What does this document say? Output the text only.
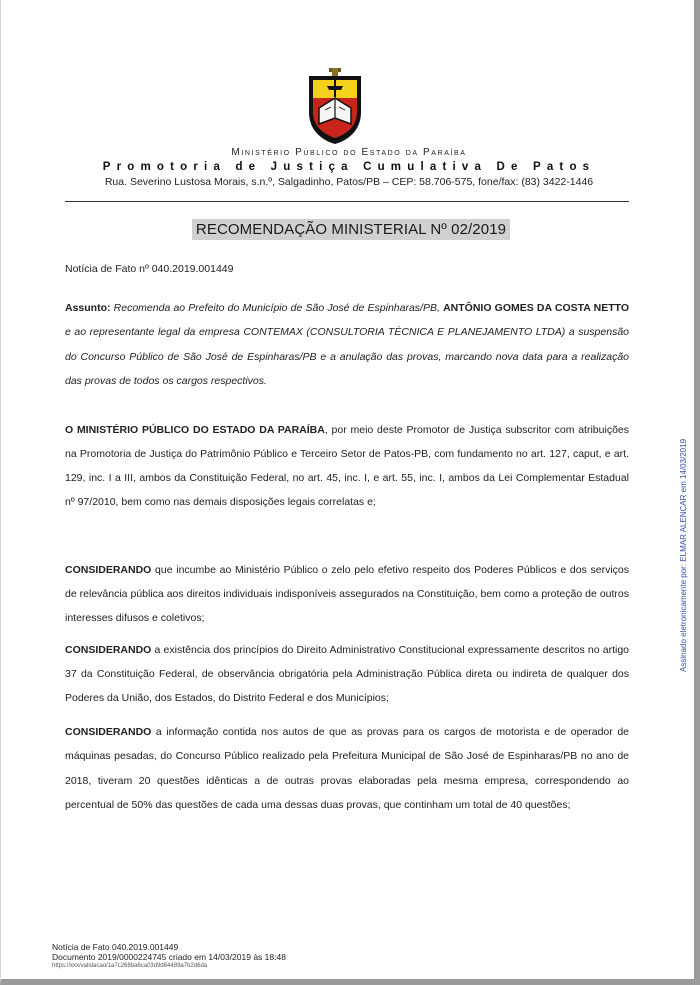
Ministério Público do Estado da Paraíba
Promotoria de Justiça Cumulativa De Patos
Rua. Severino Lustosa Morais, s.n.º, Salgadinho, Patos/PB – CEP: 58.706-575, fone/fax: (83) 3422-1446
RECOMENDAÇÃO MINISTERIAL Nº 02/2019
Notícia de Fato nº 040.2019.001449
Assunto: Recomenda ao Prefeito do Município de São José de Espinharas/PB, ANTÔNIO GOMES DA COSTA NETTO e ao representante legal da empresa CONTEMAX (CONSULTORIA TÉCNICA E PLANEJAMENTO LTDA) a suspensão do Concurso Público de São José de Espinharas/PB e a anulação das provas, marcando nova data para a realização das provas de todos os cargos respectivos.
O MINISTÉRIO PÚBLICO DO ESTADO DA PARAÍBA, por meio deste Promotor de Justiça subscritor com atribuições na Promotoria de Justiça do Patrimônio Público e Terceiro Setor de Patos-PB, com fundamento no art. 127, caput, e art. 129, inc. I a III, ambos da Constituição Federal, no art. 45, inc. I, e art. 55, inc. I, ambos da Lei Complementar Estadual nº 97/2010, bem como nas demais disposições legais correlatas e;
CONSIDERANDO que incumbe ao Ministério Público o zelo pelo efetivo respeito dos Poderes Públicos e dos serviços de relevância pública aos direitos individuais indisponíveis assegurados na Constituição, bem como a proteção de outros interesses difusos e coletivos;
CONSIDERANDO a existência dos princípios do Direito Administrativo Constitucional expressamente descritos no artigo 37 da Constituição Federal, de observância obrigatória pela Administração Pública direta ou indireta de qualquer dos Poderes da União, dos Estados, do Distrito Federal e dos Municípios;
CONSIDERANDO a informação contida nos autos de que as provas para os cargos de motorista e de operador de máquinas pesadas, do Concurso Público realizado pela Prefeitura Municipal de São José de Espinharas/PB no ano de 2018, tiveram 20 questões idênticas a de outras provas elaboradas pela mesma empresa, correspondendo ao percentual de 50% das questões de cada uma dessas duas provas, que continham um total de 40 questões;
Assinado eletronicamente por: ELMAR ALENCAR em 14/03/2019
Notícia de Fato 040.2019.001449
Documento 2019/0000224745 criado em 14/03/2019 às 18:48
https://xxx/validacao/1a7c268ba6ca03d9d64489a7b2d6da
